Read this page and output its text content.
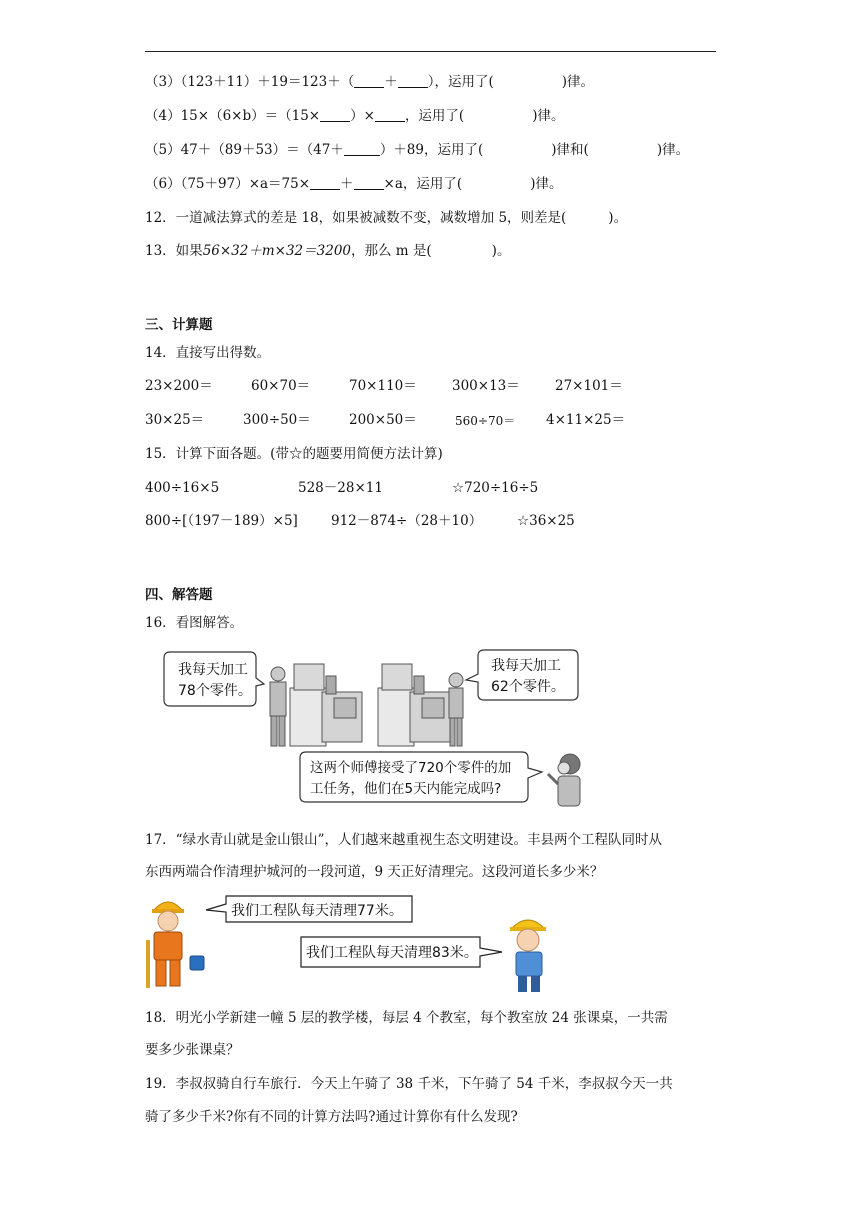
（3）（123＋11）＋19＝123＋（ ＋ ），运用了(	)律。
（4）15×（6×b）＝（15× ）× ，运用了(	)律。
（5）47＋（89＋53）＝（47＋	）＋89，运用了(	)律和(	)律。
（6）（75＋97）×a＝75× ＋ ×a，运用了(	)律。
12．一道减法算式的差是 18，如果被减数不变，减数增加 5，则差是(	)。
13．如果56×32＋m×32＝3200，那么 m 是(	)。
三、计算题
14．直接写出得数。
23×200＝	60×70＝	70×110＝	300×13＝	27×101＝
30×25＝	300÷50＝	200×50＝	560÷70＝ 4×11×25＝
15．计算下面各题。(带☆的题要用简便方法计算)
400÷16×5	528－28×11	☆720÷16÷5
800÷[（197－189）×5] 912－874÷（28＋10）	☆36×25
四、解答题
16．看图解答。
我每天加工
78个零件。
我每天加工
62个零件。
这两个师傅接受了720个零件的加
工任务，他们在5天内能完成吗?
17．“绿水青山就是金山银山”，人们越来越重视生态文明建设。丰县两个工程队同时从
东西两端合作清理护城河的一段河道，9 天正好清理完。这段河道长多少米？
我们工程队每天清理77米。
我们工程队每天清理83米。
18．明光小学新建一幢 5 层的教学楼，每层 4 个教室，每个教室放 24 张课桌，一共需
要多少张课桌？
19．李叔叔骑自行车旅行．今天上午骑了 38 千米，下午骑了 54 千米，李叔叔今天一共
骑了多少千米?你有不同的计算方法吗?通过计算你有什么发现?
